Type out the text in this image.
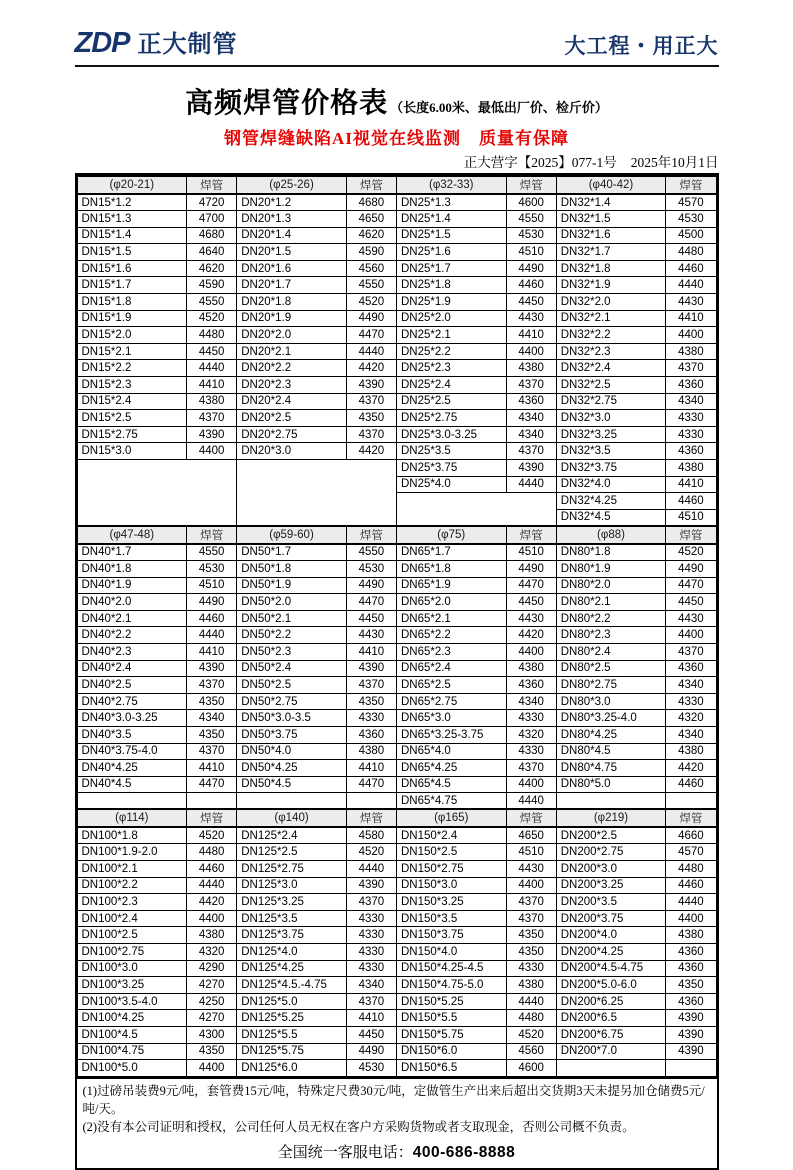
ZDP 正大制管	大工程・用正大
高频焊管价格表 （长度6.00米、最低出厂价、检斤价）
钢管焊缝缺陷AI视觉在线监测　质量有保障
正大营字【2025】077-1号 2025年10月1日
(φ20-21)	焊管	(φ25-26)	焊管	(φ32-33)	焊管	(φ40-42)	焊管
DN15*1.2	4720	DN20*1.2	4680	DN25*1.3	4600	DN32*1.4	4570
DN15*1.3	4700	DN20*1.3	4650	DN25*1.4	4550	DN32*1.5	4530
DN15*1.4	4680	DN20*1.4	4620	DN25*1.5	4530	DN32*1.6	4500
DN15*1.5	4640	DN20*1.5	4590	DN25*1.6	4510	DN32*1.7	4480
DN15*1.6	4620	DN20*1.6	4560	DN25*1.7	4490	DN32*1.8	4460
DN15*1.7	4590	DN20*1.7	4550	DN25*1.8	4460	DN32*1.9	4440
DN15*1.8	4550	DN20*1.8	4520	DN25*1.9	4450	DN32*2.0	4430
DN15*1.9	4520	DN20*1.9	4490	DN25*2.0	4430	DN32*2.1	4410
DN15*2.0	4480	DN20*2.0	4470	DN25*2.1	4410	DN32*2.2	4400
DN15*2.1	4450	DN20*2.1	4440	DN25*2.2	4400	DN32*2.3	4380
DN15*2.2	4440	DN20*2.2	4420	DN25*2.3	4380	DN32*2.4	4370
DN15*2.3	4410	DN20*2.3	4390	DN25*2.4	4370	DN32*2.5	4360
DN15*2.4	4380	DN20*2.4	4370	DN25*2.5	4360	DN32*2.75	4340
DN15*2.5	4370	DN20*2.5	4350	DN25*2.75	4340	DN32*3.0	4330
DN15*2.75	4390	DN20*2.75	4370	DN25*3.0-3.25	4340	DN32*3.25	4330
DN15*3.0	4400	DN20*3.0	4420	DN25*3.5	4370	DN32*3.5	4360
				DN25*3.75	4390	DN32*3.75	4380
				DN25*4.0	4440	DN32*4.0	4410
						DN32*4.25	4460
						DN32*4.5	4510
(φ47-48)	焊管	(φ59-60)	焊管	(φ75)	焊管	(φ88)	焊管
DN40*1.7	4550	DN50*1.7	4550	DN65*1.7	4510	DN80*1.8	4520
DN40*1.8	4530	DN50*1.8	4530	DN65*1.8	4490	DN80*1.9	4490
DN40*1.9	4510	DN50*1.9	4490	DN65*1.9	4470	DN80*2.0	4470
DN40*2.0	4490	DN50*2.0	4470	DN65*2.0	4450	DN80*2.1	4450
DN40*2.1	4460	DN50*2.1	4450	DN65*2.1	4430	DN80*2.2	4430
DN40*2.2	4440	DN50*2.2	4430	DN65*2.2	4420	DN80*2.3	4400
DN40*2.3	4410	DN50*2.3	4410	DN65*2.3	4400	DN80*2.4	4370
DN40*2.4	4390	DN50*2.4	4390	DN65*2.4	4380	DN80*2.5	4360
DN40*2.5	4370	DN50*2.5	4370	DN65*2.5	4360	DN80*2.75	4340
DN40*2.75	4350	DN50*2.75	4350	DN65*2.75	4340	DN80*3.0	4330
DN40*3.0-3.25	4340	DN50*3.0-3.5	4330	DN65*3.0	4330	DN80*3.25-4.0	4320
DN40*3.5	4350	DN50*3.75	4360	DN65*3.25-3.75	4320	DN80*4.25	4340
DN40*3.75-4.0	4370	DN50*4.0	4380	DN65*4.0	4330	DN80*4.5	4380
DN40*4.25	4410	DN50*4.25	4410	DN65*4.25	4370	DN80*4.75	4420
DN40*4.5	4470	DN50*4.5	4470	DN65*4.5	4400	DN80*5.0	4460
				DN65*4.75	4440		
(φ114)	焊管	(φ140)	焊管	(φ165)	焊管	(φ219)	焊管
DN100*1.8	4520	DN125*2.4	4580	DN150*2.4	4650	DN200*2.5	4660
DN100*1.9-2.0	4480	DN125*2.5	4520	DN150*2.5	4510	DN200*2.75	4570
DN100*2.1	4460	DN125*2.75	4440	DN150*2.75	4430	DN200*3.0	4480
DN100*2.2	4440	DN125*3.0	4390	DN150*3.0	4400	DN200*3.25	4460
DN100*2.3	4420	DN125*3.25	4370	DN150*3.25	4370	DN200*3.5	4440
DN100*2.4	4400	DN125*3.5	4330	DN150*3.5	4370	DN200*3.75	4400
DN100*2.5	4380	DN125*3.75	4330	DN150*3.75	4350	DN200*4.0	4380
DN100*2.75	4320	DN125*4.0	4330	DN150*4.0	4350	DN200*4.25	4360
DN100*3.0	4290	DN125*4.25	4330	DN150*4.25-4.5	4330	DN200*4.5-4.75	4360
DN100*3.25	4270	DN125*4.5.-4.75	4340	DN150*4.75-5.0	4380	DN200*5.0-6.0	4350
DN100*3.5-4.0	4250	DN125*5.0	4370	DN150*5.25	4440	DN200*6.25	4360
DN100*4.25	4270	DN125*5.25	4410	DN150*5.5	4480	DN200*6.5	4390
DN100*4.5	4300	DN125*5.5	4450	DN150*5.75	4520	DN200*6.75	4390
DN100*4.75	4350	DN125*5.75	4490	DN150*6.0	4560	DN200*7.0	4390
DN100*5.0	4400	DN125*6.0	4530	DN150*6.5	4600		
(1)过磅吊装费9元/吨，套管费15元/吨，特殊定尺费30元/吨，定做管生产出来后超出交货期3天未提另加仓储费5元/吨/天。
(2)没有本公司证明和授权，公司任何人员无权在客户方采购货物或者支取现金，否则公司概不负责。
全国统一客服电话：400-686-8888
